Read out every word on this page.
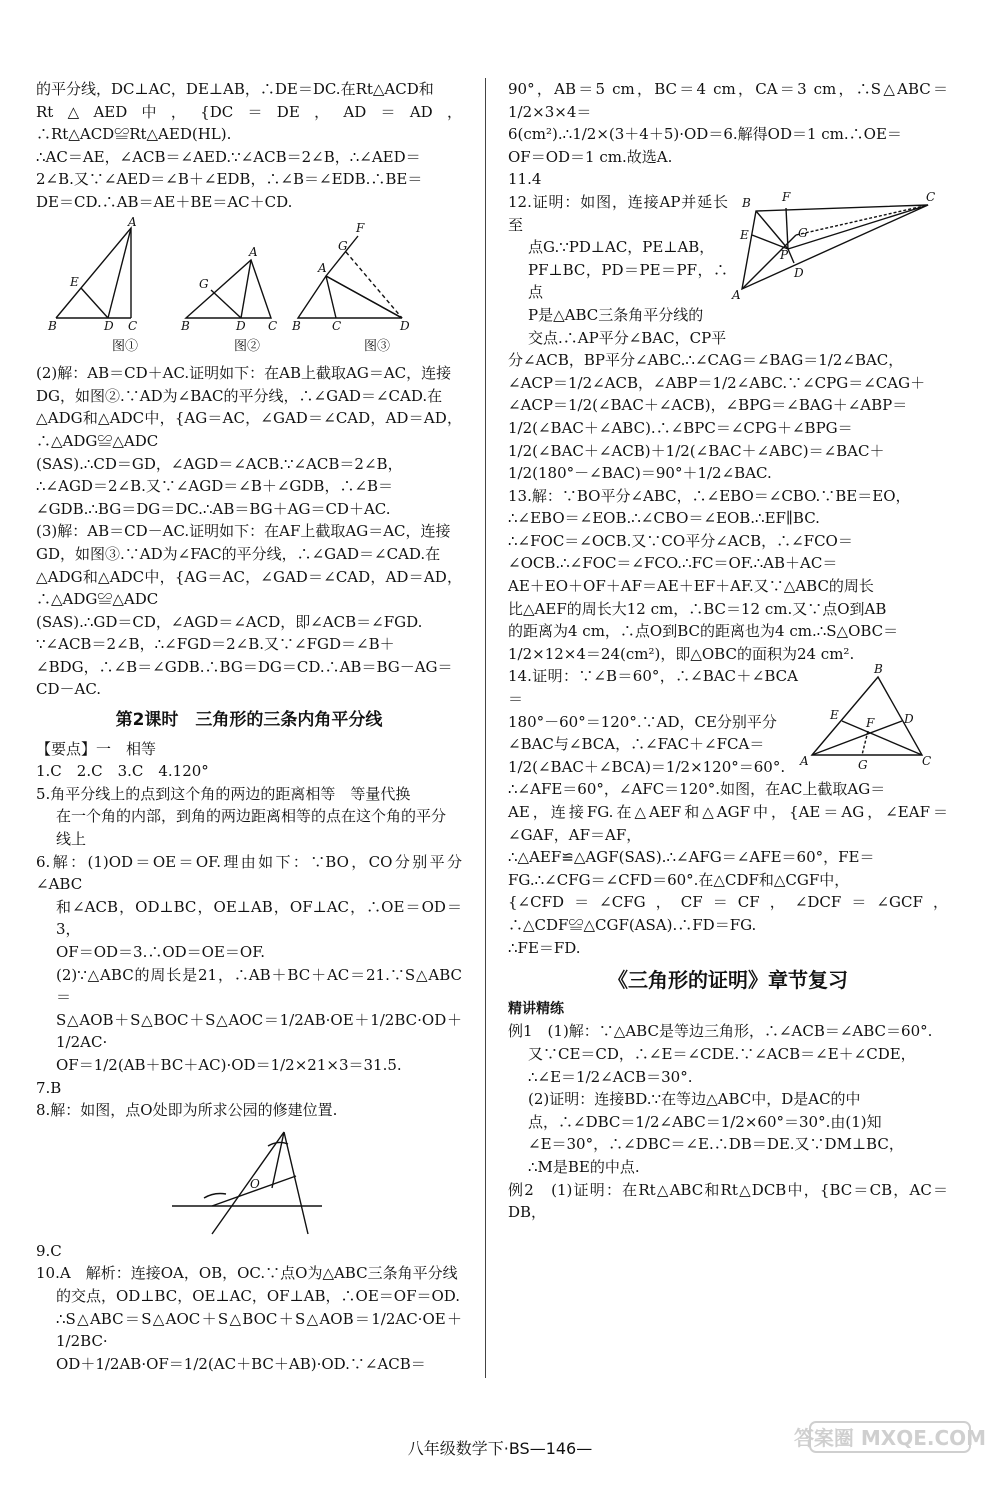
的平分线，DC⊥AC，DE⊥AB，∴DE＝DC.在Rt△ACD和

Rt△AED中，{DC＝DE，AD＝AD，∴Rt△ACD≌Rt△AED(HL).

∴AC＝AE，∠ACB＝∠AED.∵∠ACB＝2∠B，∴∠AED＝

2∠B.又∵∠AED＝∠B＋∠EDB，∴∠B＝∠EDB.∴BE＝

DE＝CD.∴AB＝AE＋BE＝AC＋CD.

A
B	D C
E
A
B	D C
G
A
B	C	D
G
F
图①	图②	图③

(2)解：AB＝CD＋AC.证明如下：在AB上截取AG＝AC，连接

DG，如图②.∵AD为∠BAC的平分线，∴∠GAD＝∠CAD.在

△ADG和△ADC中，{AG＝AC，∠GAD＝∠CAD，AD＝AD，∴△ADG≌△ADC

(SAS).∴CD＝GD，∠AGD＝∠ACB.∵∠ACB＝2∠B，

∴∠AGD＝2∠B.又∵∠AGD＝∠B＋∠GDB，∴∠B＝

∠GDB.∴BG＝DG＝DC.∴AB＝BG＋AG＝CD＋AC.

(3)解：AB＝CD－AC.证明如下：在AF上截取AG＝AC，连接

GD，如图③.∵AD为∠FAC的平分线，∴∠GAD＝∠CAD.在

△ADG和△ADC中，{AG＝AC，∠GAD＝∠CAD，AD＝AD，∴△ADG≌△ADC

(SAS).∴GD＝CD，∠AGD＝∠ACD，即∠ACB＝∠FGD.

∵∠ACB＝2∠B，∴∠FGD＝2∠B.又∵∠FGD＝∠B＋

∠BDG，∴∠B＝∠GDB.∴BG＝DG＝CD.∴AB＝BG－AG＝

CD－AC.

第2课时　三角形的三条内角平分线

【要点】一　相等

1.C　2.C　3.C　4.120°

5.角平分线上的点到这个角的两边的距离相等　等量代换

在一个角的内部，到角的两边距离相等的点在这个角的平分

线上

6.解：(1)OD＝OE＝OF.理由如下：∵BO，CO分别平分∠ABC

和∠ACB，OD⊥BC，OE⊥AB，OF⊥AC，∴OE＝OD＝3，

OF＝OD＝3.∴OD＝OE＝OF.

(2)∵△ABC的周长是21，∴AB＋BC＋AC＝21.∵S△ABC＝

S△AOB＋S△BOC＋S△AOC＝1/2AB·OE＋1/2BC·OD＋1/2AC·

OF＝1/2(AB＋BC＋AC)·OD＝1/2×21×3＝31.5.

7.B

8.解：如图，点O处即为所求公园的修建位置.

O

9.C

10.A　解析：连接OA，OB，OC.∵点O为△ABC三条角平分线

的交点，OD⊥BC，OE⊥AC，OF⊥AB，∴OE＝OF＝OD.

∴S△ABC＝S△AOC＋S△BOC＋S△AOB＝1/2AC·OE＋1/2BC·

OD＋1/2AB·OF＝1/2(AC＋BC＋AB)·OD.∵∠ACB＝

90°，AB＝5 cm，BC＝4 cm，CA＝3 cm，∴S△ABC＝1/2×3×4＝

6(cm²).∴1/2×(3＋4＋5)·OD＝6.解得OD＝1 cm.∴OE＝

OF＝OD＝1 cm.故选A.

11.4

12.证明：如图，连接AP并延长至

点G.∵PD⊥AC，PE⊥AB，

PF⊥BC，PD＝PE＝PF，∴点

P是△ABC三条角平分线的

交点.∴AP平分∠BAC，CP平

A
B	C
F
E	G
P
D

分∠ACB，BP平分∠ABC.∴∠CAG＝∠BAG＝1/2∠BAC，

∠ACP＝1/2∠ACB，∠ABP＝1/2∠ABC.∵∠CPG＝∠CAG＋

∠ACP＝1/2(∠BAC＋∠ACB)，∠BPG＝∠BAG＋∠ABP＝

1/2(∠BAC＋∠ABC).∴∠BPC＝∠CPG＋∠BPG＝

1/2(∠BAC＋∠ACB)＋1/2(∠BAC＋∠ABC)＝∠BAC＋

1/2(180°－∠BAC)＝90°＋1/2∠BAC.

13.解：∵BO平分∠ABC，∴∠EBO＝∠CBO.∵BE＝EO，

∴∠EBO＝∠EOB.∴∠CBO＝∠EOB.∴EF∥BC.

∴∠FOC＝∠OCB.又∵CO平分∠ACB，∴∠FCO＝

∠OCB.∴∠FOC＝∠FCO.∴FC＝OF.∴AB＋AC＝

AE＋EO＋OF＋AF＝AE＋EF＋AF.又∵△ABC的周长

比△AEF的周长大12 cm，∴BC＝12 cm.又∵点O到AB

的距离为4 cm，∴点O到BC的距离也为4 cm.∴S△OBC＝

1/2×12×4＝24(cm²)，即△OBC的面积为24 cm².

14.证明：∵∠B＝60°，∴∠BAC＋∠BCA＝

180°－60°＝120°.∵AD，CE分别平分

∠BAC与∠BCA，∴∠FAC＋∠FCA＝

1/2(∠BAC＋∠BCA)＝1/2×120°＝60°.

B
A	C
E	D
F
G

∴∠AFE＝60°，∠AFC＝120°.如图，在AC上截取AG＝

AE，连接FG.在△AEF和△AGF中，{AE＝AG，∠EAF＝∠GAF，AF＝AF，

∴△AEF≌△AGF(SAS).∴∠AFG＝∠AFE＝60°，FE＝

FG.∴∠CFG＝∠CFD＝60°.在△CDF和△CGF中，

{∠CFD＝∠CFG，CF＝CF，∠DCF＝∠GCF，∴△CDF≌△CGF(ASA).∴FD＝FG.

∴FE＝FD.

《三角形的证明》章节复习

精讲精练

例1　(1)解：∵△ABC是等边三角形，∴∠ACB＝∠ABC＝60°.

又∵CE＝CD，∴∠E＝∠CDE.∵∠ACB＝∠E＋∠CDE，

∴∠E＝1/2∠ACB＝30°.

(2)证明：连接BD.∵在等边△ABC中，D是AC的中

点，∴∠DBC＝1/2∠ABC＝1/2×60°＝30°.由(1)知

∠E＝30°，∴∠DBC＝∠E.∴DB＝DE.又∵DM⊥BC，

∴M是BE的中点.

例2　(1)证明：在Rt△ABC和Rt△DCB中，{BC＝CB，AC＝DB，

八年级数学下·BS—146—	答案圈 MXQE.COM
